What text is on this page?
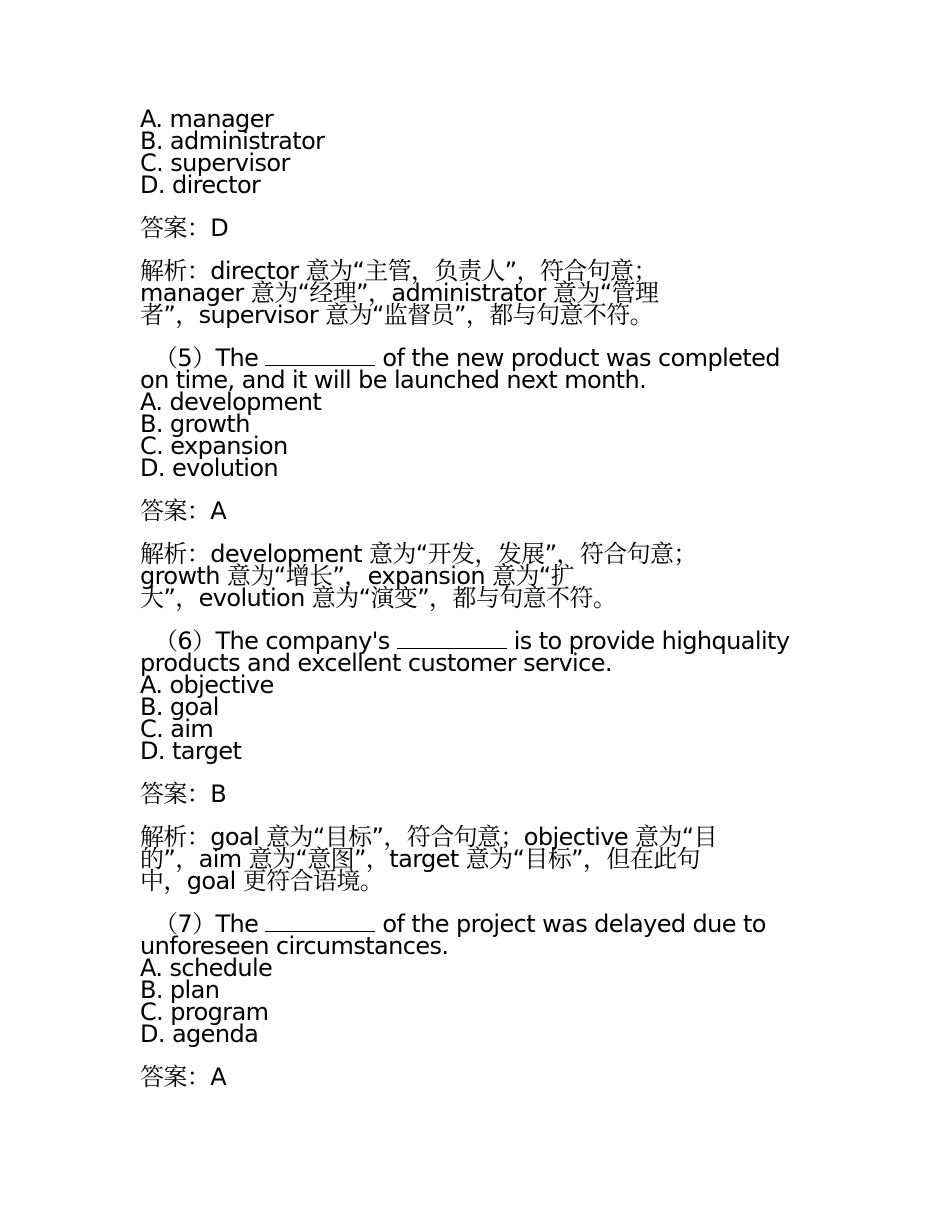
A. manager
B. administrator
C. supervisor
D. director
答案：D
解析：director 意为“主管，负责人”，符合句意；
manager 意为“经理”，administrator 意为“管理
者”，supervisor 意为“监督员”，都与句意不符。
（5）The	of the new product was completed
on time, and it will be launched next month.
A. development
B. growth
C. expansion
D. evolution
答案：A
解析：development 意为“开发，发展”，符合句意；
growth 意为“增长”，expansion 意为“扩
大”，evolution 意为“演变”，都与句意不符。
（6）The company's	is to provide highquality
products and excellent customer service.
A. objective
B. goal
C. aim
D. target
答案：B
解析：goal 意为“目标”，符合句意；objective 意为“目
的”，aim 意为“意图”，target 意为“目标”，但在此句
中，goal 更符合语境。
（7）The	of the project was delayed due to
unforeseen circumstances.
A. schedule
B. plan
C. program
D. agenda
答案：A
